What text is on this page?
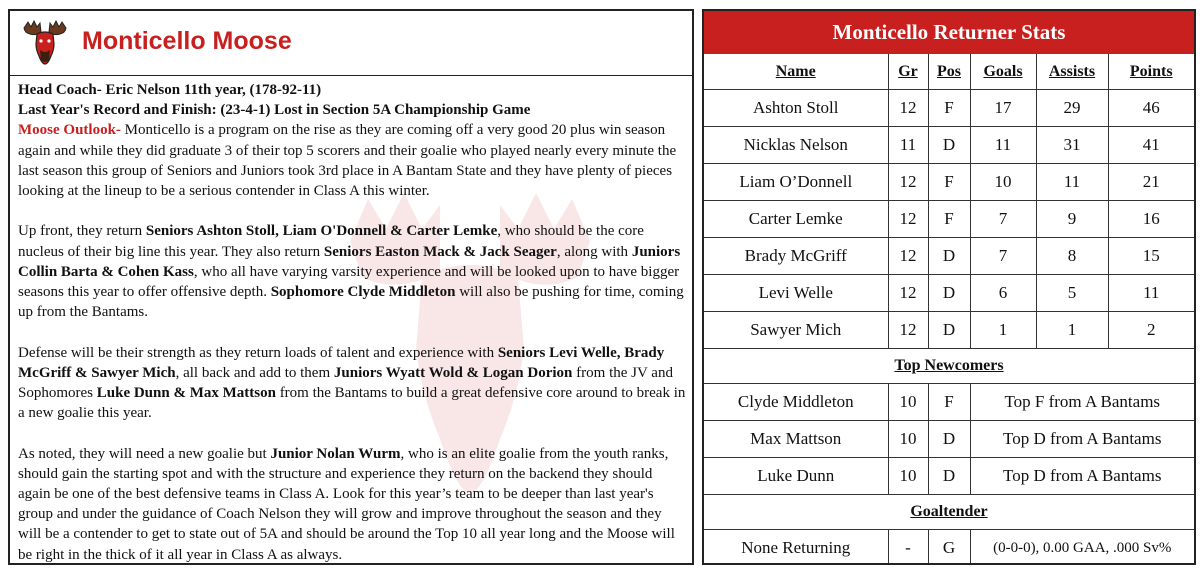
Monticello Moose

Head Coach- Eric Nelson 11th year, (178-92-11)
Last Year's Record and Finish: (23-4-1) Lost in Section 5A Championship Game
Moose Outlook- Monticello is a program on the rise as they are coming off a very good 20 plus win season again and while they did graduate 3 of their top 5 scorers and their goalie who played nearly every minute the last season this group of Seniors and Juniors took 3rd place in A Bantam State and they have plenty of pieces looking at the lineup to be a serious contender in Class A this winter.

Up front, they return Seniors Ashton Stoll, Liam O'Donnell & Carter Lemke, who should be the core nucleus of their big line this year. They also return Seniors Easton Mack & Jack Seager, along with Juniors Collin Barta & Cohen Kass, who all have varying varsity experience and will be looked upon to have bigger seasons this year to offer offensive depth. Sophomore Clyde Middleton will also be pushing for time, coming up from the Bantams.

Defense will be their strength as they return loads of talent and experience with Seniors Levi Welle, Brady McGriff & Sawyer Mich, all back and add to them Juniors Wyatt Wold & Logan Dorion from the JV and Sophomores Luke Dunn & Max Mattson from the Bantams to build a great defensive core around to break in a new goalie this year.

As noted, they will need a new goalie but Junior Nolan Wurm, who is an elite goalie from the youth ranks, should gain the starting spot and with the structure and experience they return on the backend they should again be one of the best defensive teams in Class A. Look for this year’s team to be deeper than last year's group and under the guidance of Coach Nelson they will grow and improve throughout the season and they will be a contender to get to state out of 5A and should be around the Top 10 all year long and the Moose will be right in the thick of it all year in Class A as always.

Monticello Returner Stats
Name	Gr	Pos	Goals	Assists	Points
Ashton Stoll	12	F	17	29	46
Nicklas Nelson	11	D	11	31	41
Liam O’Donnell	12	F	10	11	21
Carter Lemke	12	F	7	9	16
Brady McGriff	12	D	7	8	15
Levi Welle	12	D	6	5	11
Sawyer Mich	12	D	1	1	2
Top Newcomers					
Clyde Middleton	10	F	Top F from A Bantams		
Max Mattson	10	D	Top D from A Bantams		
Luke Dunn	10	D	Top D from A Bantams		
Goaltender					
None Returning	-	G	(0-0-0), 0.00 GAA, .000 Sv%		
